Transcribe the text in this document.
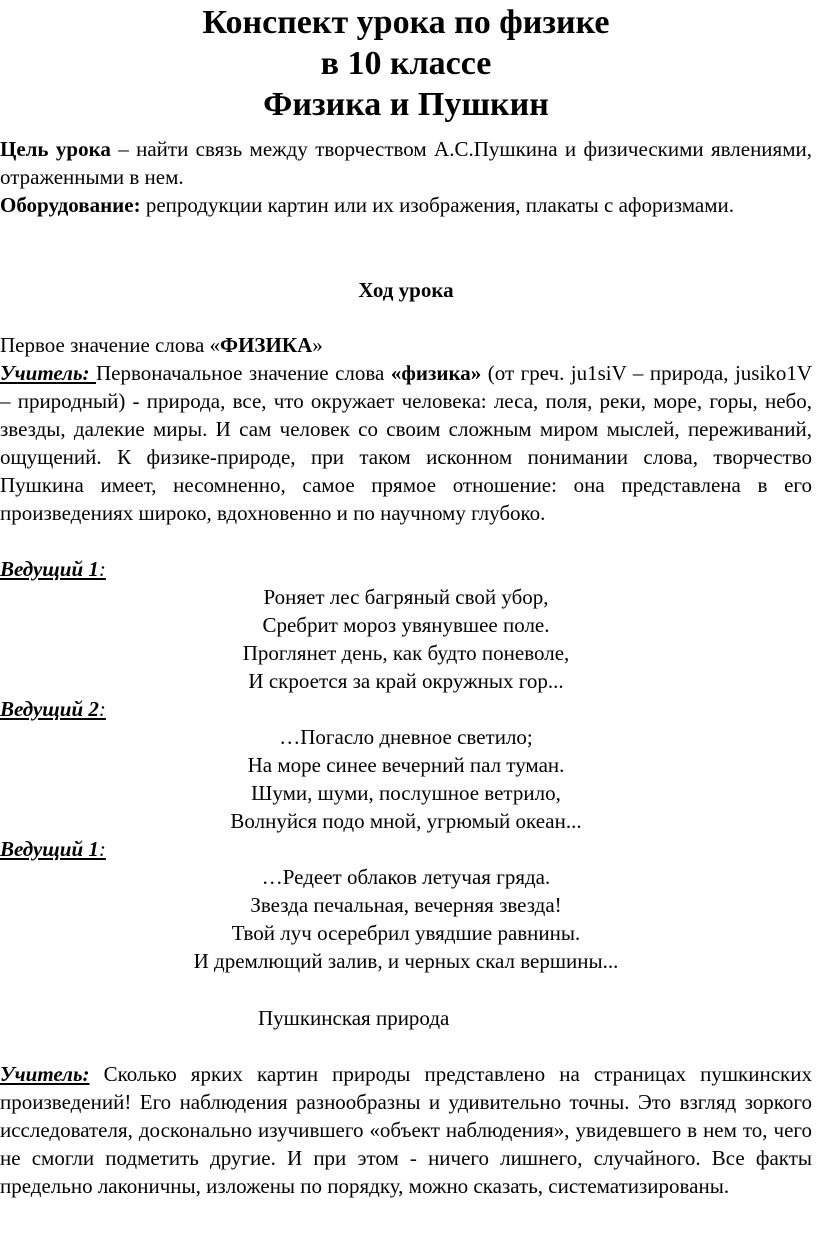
Конспект урока по физике
в 10 классе
Физика и Пушкин
Цель урока – найти связь между творчеством А.С.Пушкина и физическими явлениями, отраженными в нем.
Оборудование: репродукции картин или их изображения, плакаты с афоризмами.
Ход урока
Первое значение слова «ФИЗИКА»
Учитель: Первоначальное значение слова «физика» (от греч. ju1siV – природа, jusiko1V – природный) - природа, все, что окружает человека: леса, поля, реки, море, горы, небо, звезды, далекие миры. И сам человек со своим сложным миром мыслей, переживаний, ощущений. К физике-природе, при таком исконном понимании слова, творчество Пушкина имеет, несомненно, самое прямое отношение: она представлена в его произведениях широко, вдохновенно и по научному глубоко.
Ведущий 1:
Роняет лес багряный свой убор,
Сребрит мороз увянувшее поле.
Проглянет день, как будто поневоле,
И скроется за край окружных гор...
Ведущий 2:
…Погасло дневное светило;
На море синее вечерний пал туман.
Шуми, шуми, послушное ветрило,
Волнуйся подо мной, угрюмый океан...
Ведущий 1:
…Редеет облаков летучая гряда.
Звезда печальная, вечерняя звезда!
Твой луч осеребрил увядшие равнины.
И дремлющий залив, и черных скал вершины...
Пушкинская природа
Учитель: Сколько ярких картин природы представлено на страницах пушкинских произведений! Его наблюдения разнообразны и удивительно точны. Это взгляд зоркого исследователя, досконально изучившего «объект наблюдения», увидевшего в нем то, чего не смогли подметить другие. И при этом - ничего лишнего, случайного. Все факты предельно лаконичны, изложены по порядку, можно сказать, систематизированы.
